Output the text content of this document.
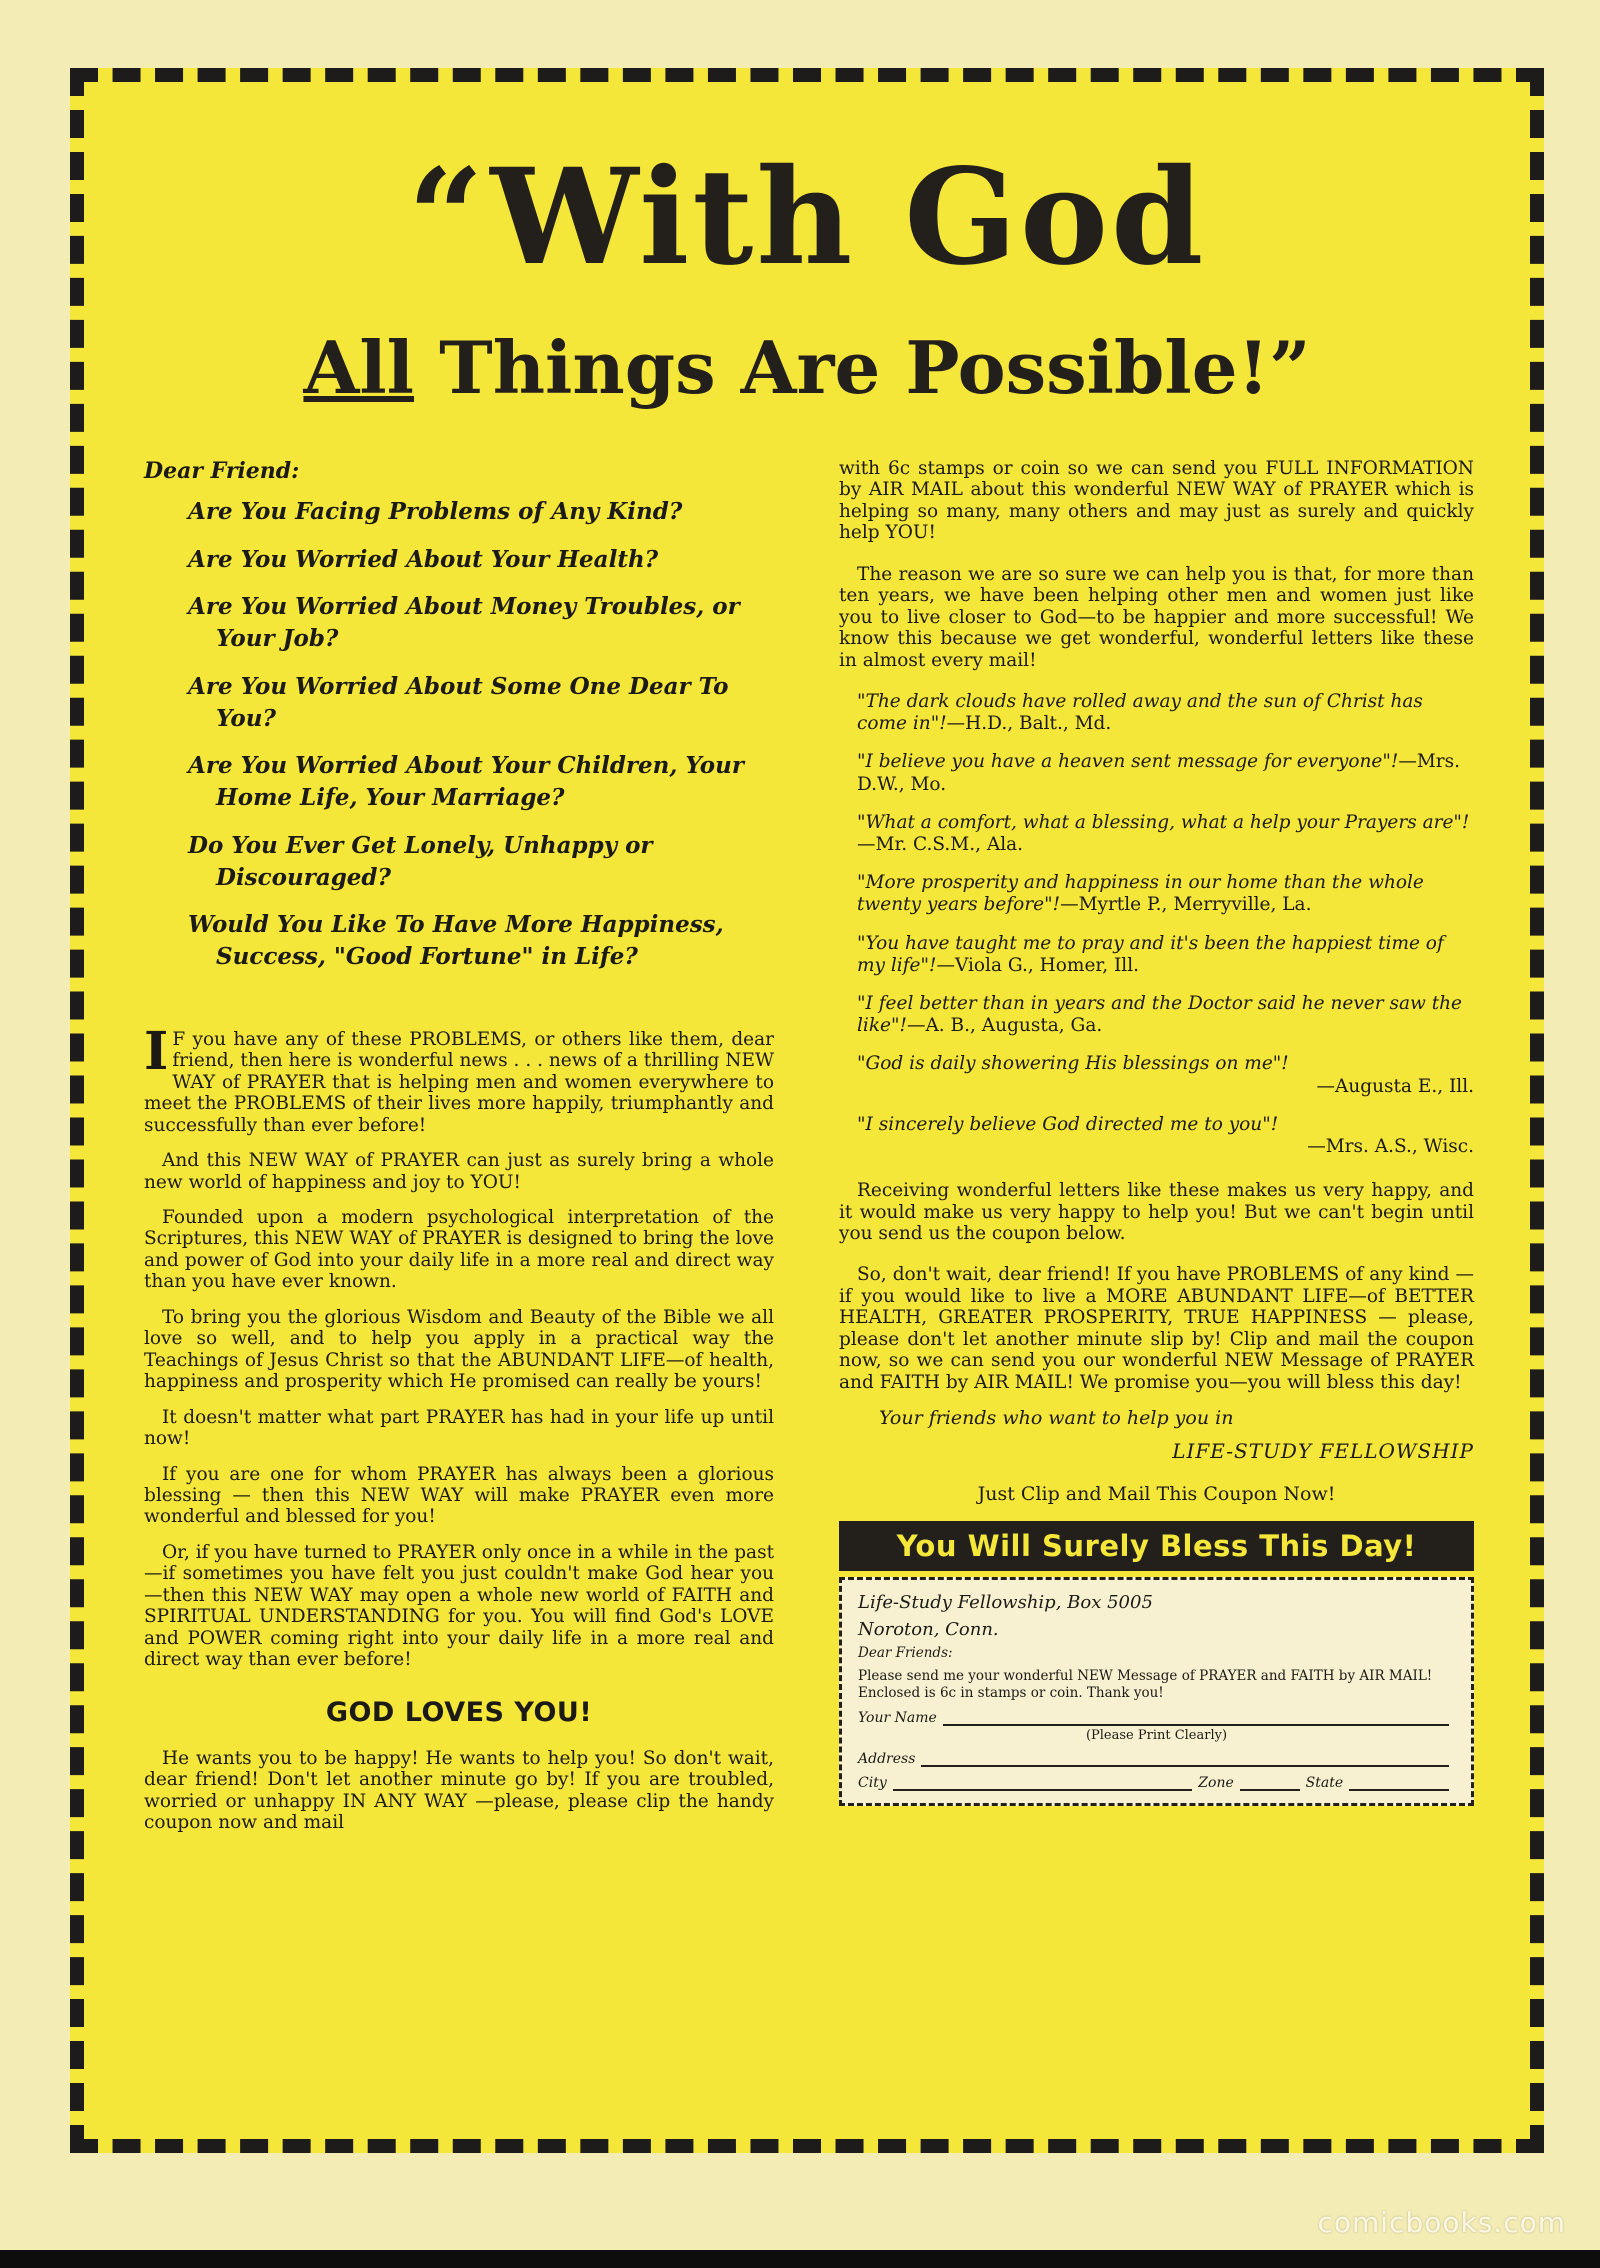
“With God
All Things Are Possible!”
Dear Friend:
Are You Facing Problems of Any Kind?
Are You Worried About Your Health?
Are You Worried About Money Troubles, or Your Job?
Are You Worried About Some One Dear To You?
Are You Worried About Your Children, Your Home Life, Your Marriage?
Do You Ever Get Lonely, Unhappy or Discouraged?
Would You Like To Have More Happiness, Success, "Good Fortune" in Life?

I F you have any of these PROBLEMS, or others like them, dear friend, then here is wonderful news . . . news of a thrilling NEW WAY of PRAYER that is helping men and women everywhere to meet the PROBLEMS of their lives more happily, triumphantly and successfully than ever before!

And this NEW WAY of PRAYER can just as surely bring a whole new world of happiness and joy to YOU!

Founded upon a modern psychological interpretation of the Scriptures, this NEW WAY of PRAYER is designed to bring the love and power of God into your daily life in a more real and direct way than you have ever known.

To bring you the glorious Wisdom and Beauty of the Bible we all love so well, and to help you apply in a practical way the Teachings of Jesus Christ so that the ABUNDANT LIFE—of health, happiness and prosperity which He promised can really be yours!

It doesn't matter what part PRAYER has had in your life up until now!

If you are one for whom PRAYER has always been a glorious blessing — then this NEW WAY will make PRAYER even more wonderful and blessed for you!

Or, if you have turned to PRAYER only once in a while in the past—if sometimes you have felt you just couldn't make God hear you—then this NEW WAY may open a whole new world of FAITH and SPIRITUAL UNDERSTANDING for you. You will find God's LOVE and POWER coming right into your daily life in a more real and direct way than ever before!

GOD LOVES YOU!

He wants you to be happy! He wants to help you! So don't wait, dear friend! Don't let another minute go by! If you are troubled, worried or unhappy IN ANY WAY —please, please clip the handy coupon now and mail

with 6c stamps or coin so we can send you FULL INFORMATION by AIR MAIL about this wonderful NEW WAY of PRAYER which is helping so many, many others and may just as surely and quickly help YOU!

The reason we are so sure we can help you is that, for more than ten years, we have been helping other men and women just like you to live closer to God—to be happier and more successful! We know this because we get wonderful, wonderful letters like these in almost every mail!

"The dark clouds have rolled away and the sun of Christ has come in"!—H.D., Balt., Md.
"I believe you have a heaven sent message for everyone"!—Mrs. D.W., Mo.
"What a comfort, what a blessing, what a help your Prayers are"!—Mr. C.S.M., Ala.
"More prosperity and happiness in our home than the whole twenty years before"!—Myrtle P., Merryville, La.
"You have taught me to pray and it's been the happiest time of my life"!—Viola G., Homer, Ill.
"I feel better than in years and the Doctor said he never saw the like"!—A. B., Augusta, Ga.
"God is daily showering His blessings on me"!
—Augusta E., Ill.
"I sincerely believe God directed me to you"!
—Mrs. A.S., Wisc.

Receiving wonderful letters like these makes us very happy, and it would make us very happy to help you! But we can't begin until you send us the coupon below.

So, don't wait, dear friend! If you have PROBLEMS of any kind — if you would like to live a MORE ABUNDANT LIFE—of BETTER HEALTH, GREATER PROSPERITY, TRUE HAPPINESS — please, please don't let another minute slip by! Clip and mail the coupon now, so we can send you our wonderful NEW Message of PRAYER and FAITH by AIR MAIL! We promise you—you will bless this day!

Your friends who want to help you in
LIFE-STUDY FELLOWSHIP
Just Clip and Mail This Coupon Now!
You Will Surely Bless This Day!
Life-Study Fellowship, Box 5005
Noroton, Conn.
Dear Friends:
Please send me your wonderful NEW Message of PRAYER and FAITH by AIR MAIL! Enclosed is 6c in stamps or coin. Thank you!
Your Name
(Please Print Clearly)
Address
City	Zone	State
comicbooks.com
